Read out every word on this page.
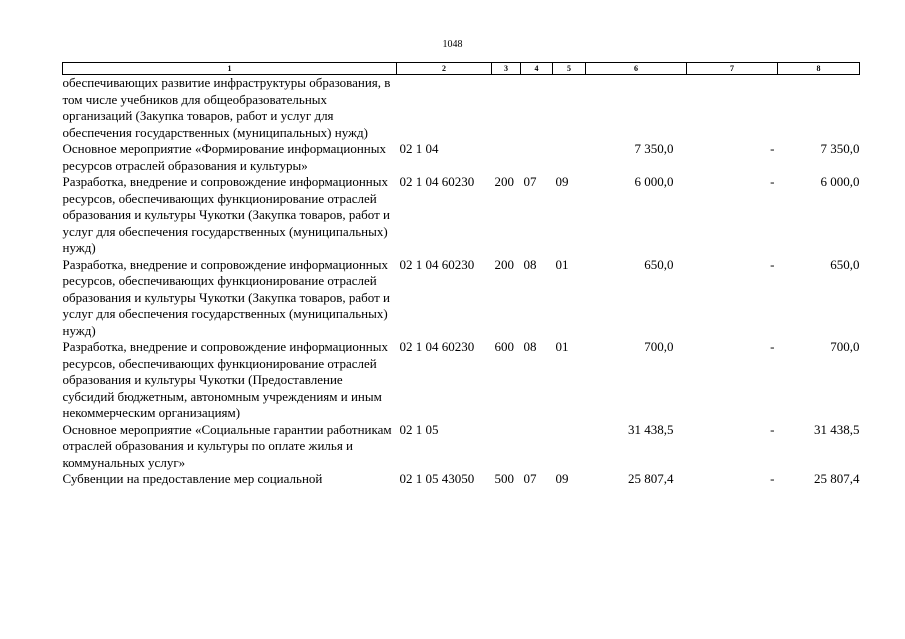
1048
1	2	3	4	5	6	7	8
обеспечивающих развитие инфраструктуры образования, в том числе учебников для общеобразовательных организаций (Закупка товаров, работ и услуг для обеспечения государственных (муниципальных) нужд)							
Основное мероприятие «Формирование информационных ресурсов отраслей образования и культуры»	02 1 04				7 350,0	-	7 350,0
Разработка, внедрение и сопровождение информационных ресурсов, обеспечивающих функционирование отраслей образования и культуры Чукотки (Закупка товаров, работ и услуг для обеспечения государственных (муниципальных) нужд)	02 1 04 60230	200	07	09	6 000,0	-	6 000,0
Разработка, внедрение и сопровождение информационных ресурсов, обеспечивающих функционирование отраслей образования и культуры Чукотки (Закупка товаров, работ и услуг для обеспечения государственных (муниципальных) нужд)	02 1 04 60230	200	08	01	650,0	-	650,0
Разработка, внедрение и сопровождение информационных ресурсов, обеспечивающих функционирование отраслей образования и культуры Чукотки (Предоставление субсидий бюджетным, автономным учреждениям и иным некоммерческим организациям)	02 1 04 60230	600	08	01	700,0	-	700,0
Основное мероприятие «Социальные гарантии работникам отраслей образования и культуры по оплате жилья и коммунальных услуг»	02 1 05				31 438,5	-	31 438,5
Субвенции на предоставление мер социальной	02 1 05 43050	500	07	09	25 807,4	-	25 807,4
